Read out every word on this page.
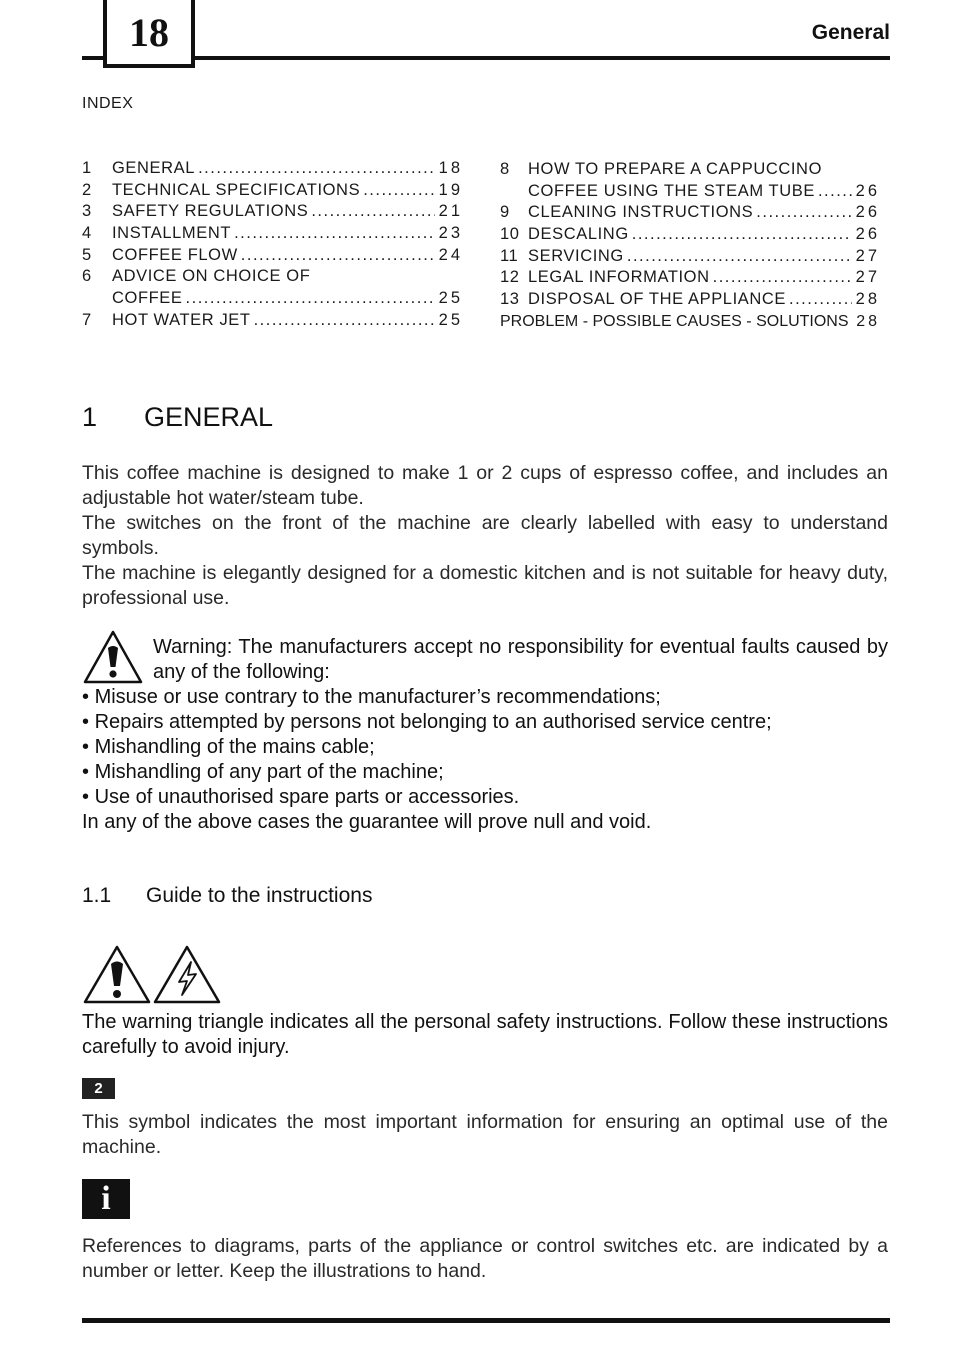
18	General
INDEX
1 GENERAL .....	18
2 TECHNICAL SPECIFICATIONS .....	19
3 SAFETY REGULATIONS .....	21
4 INSTALLMENT .....	23
5 COFFEE FLOW .....	24
6 ADVICE ON CHOICE OF
COFFEE .....	25
7 HOT WATER JET .....	25
8 HOW TO PREPARE A CAPPUCCINO
COFFEE USING THE STEAM TUBE ..... 26
9 CLEANING INSTRUCTIONS .....	26
10 DESCALING .....	26
11 SERVICING .....	27
12 LEGAL INFORMATION .....	27
13 DISPOSAL OF THE APPLIANCE .....	28
PROBLEM - POSSIBLE CAUSES - SOLUTIONS ..... 28
1 GENERAL
This coffee machine is designed to make 1 or 2 cups of espresso coffee, and includes an adjustable hot water/steam tube.
The switches on the front of the machine are clearly labelled with easy to understand symbols.
The machine is elegantly designed for a domestic kitchen and is not suitable for heavy duty, professional use.
Warning: The manufacturers accept no responsibility for eventual faults caused by any of the following:
• Misuse or use contrary to the manufacturer’s recommendations;
• Repairs attempted by persons not belonging to an authorised service centre;
• Mishandling of the mains cable;
• Mishandling of any part of the machine;
• Use of unauthorised spare parts or accessories.
In any of the above cases the guarantee will prove null and void.
1.1 Guide to the instructions
The warning triangle indicates all the personal safety instructions. Follow these instructions carefully to avoid injury.
2
This symbol indicates the most important information for ensuring an optimal use of the machine.
i
References to diagrams, parts of the appliance or control switches etc. are indicated by a number or letter. Keep the illustrations to hand.
